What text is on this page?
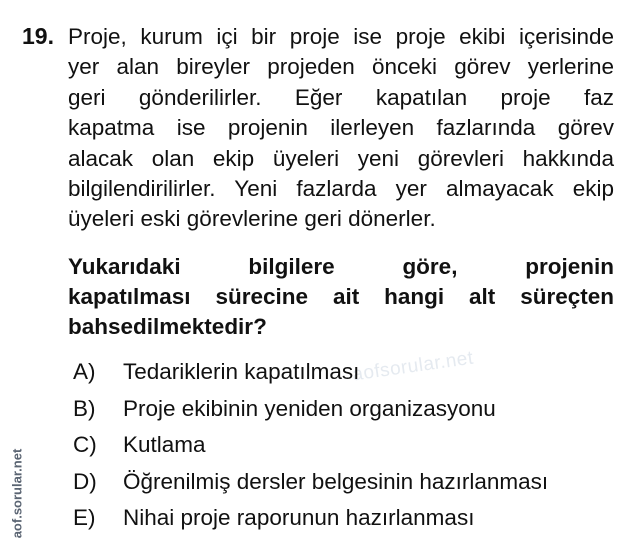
19. Proje, kurum içi bir proje ise proje ekibi içerisinde
yer alan bireyler projeden önceki görev yerlerine
geri gönderilirler. Eğer kapatılan proje faz
kapatma ise projenin ilerleyen fazlarında görev
alacak olan ekip üyeleri yeni görevleri hakkında
bilgilendirilirler. Yeni fazlarda yer almayacak ekip
üyeleri eski görevlerine geri dönerler.
Yukarıdaki bilgilere göre, projenin
kapatılması sürecine ait hangi alt süreçten
bahsedilmektedir?
aofsorular.net
A)	Tedariklerin kapatılması
B)	Proje ekibinin yeniden organizasyonu
C)	Kutlama
D)	Öğrenilmiş dersler belgesinin hazırlanması
E)	Nihai proje raporunun hazırlanması
aof.sorular.net
